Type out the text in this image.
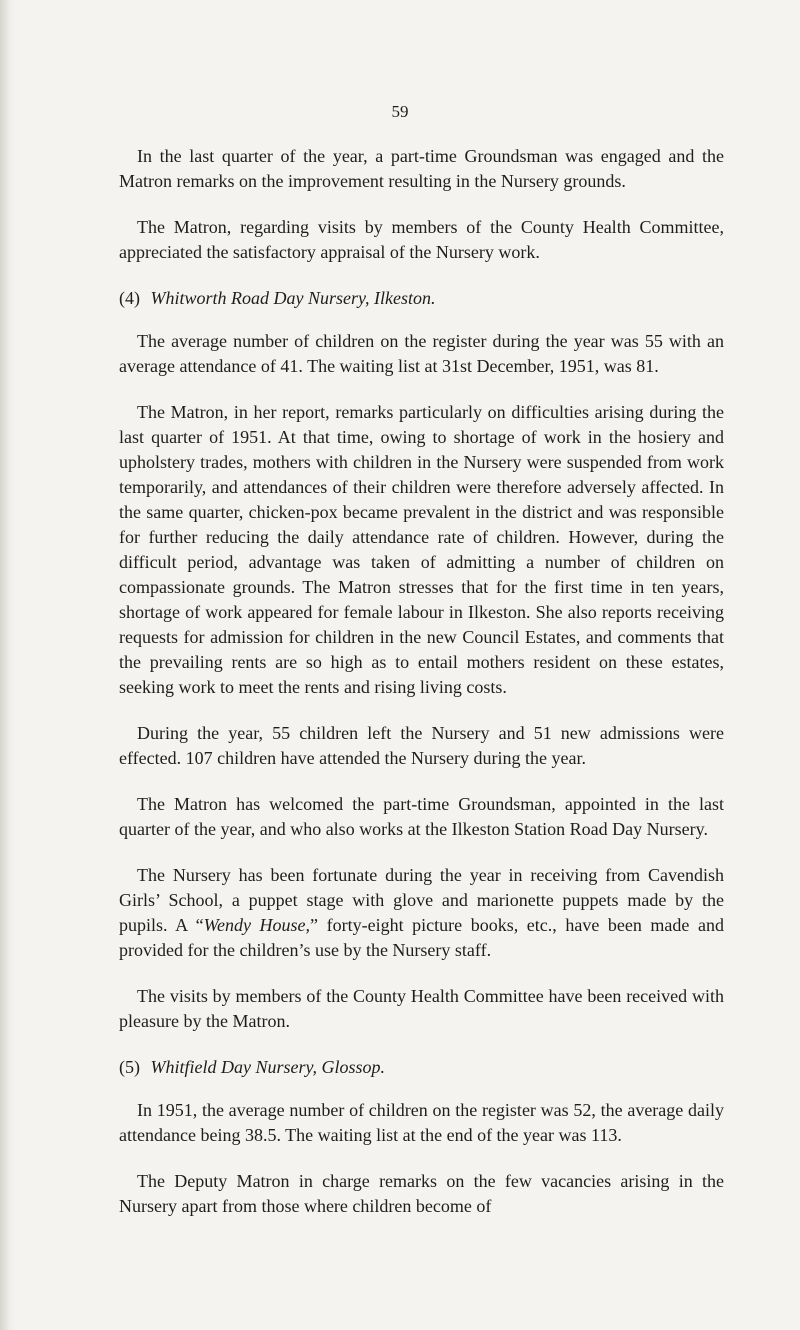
59

In the last quarter of the year, a part-time Groundsman was engaged and the Matron remarks on the improvement resulting in the Nursery grounds.

The Matron, regarding visits by members of the County Health Committee, appreciated the satisfactory appraisal of the Nursery work.

(4) Whitworth Road Day Nursery, Ilkeston.

The average number of children on the register during the year was 55 with an average attendance of 41. The waiting list at 31st December, 1951, was 81.

The Matron, in her report, remarks particularly on difficulties arising during the last quarter of 1951. At that time, owing to shortage of work in the hosiery and upholstery trades, mothers with children in the Nursery were suspended from work temporarily, and attendances of their children were therefore adversely affected. In the same quarter, chicken-pox became prevalent in the district and was responsible for further reducing the daily attendance rate of children. However, during the difficult period, advantage was taken of admitting a number of children on compassionate grounds. The Matron stresses that for the first time in ten years, shortage of work appeared for female labour in Ilkeston. She also reports receiving requests for admission for children in the new Council Estates, and comments that the prevailing rents are so high as to entail mothers resident on these estates, seeking work to meet the rents and rising living costs.

During the year, 55 children left the Nursery and 51 new admissions were effected. 107 children have attended the Nursery during the year.

The Matron has welcomed the part-time Groundsman, appointed in the last quarter of the year, and who also works at the Ilkeston Station Road Day Nursery.

The Nursery has been fortunate during the year in receiving from Cavendish Girls’ School, a puppet stage with glove and marionette puppets made by the pupils. A “Wendy House,” forty-eight picture books, etc., have been made and provided for the children’s use by the Nursery staff.

The visits by members of the County Health Committee have been received with pleasure by the Matron.

(5) Whitfield Day Nursery, Glossop.

In 1951, the average number of children on the register was 52, the average daily attendance being 38.5. The waiting list at the end of the year was 113.

The Deputy Matron in charge remarks on the few vacancies arising in the Nursery apart from those where children become of
